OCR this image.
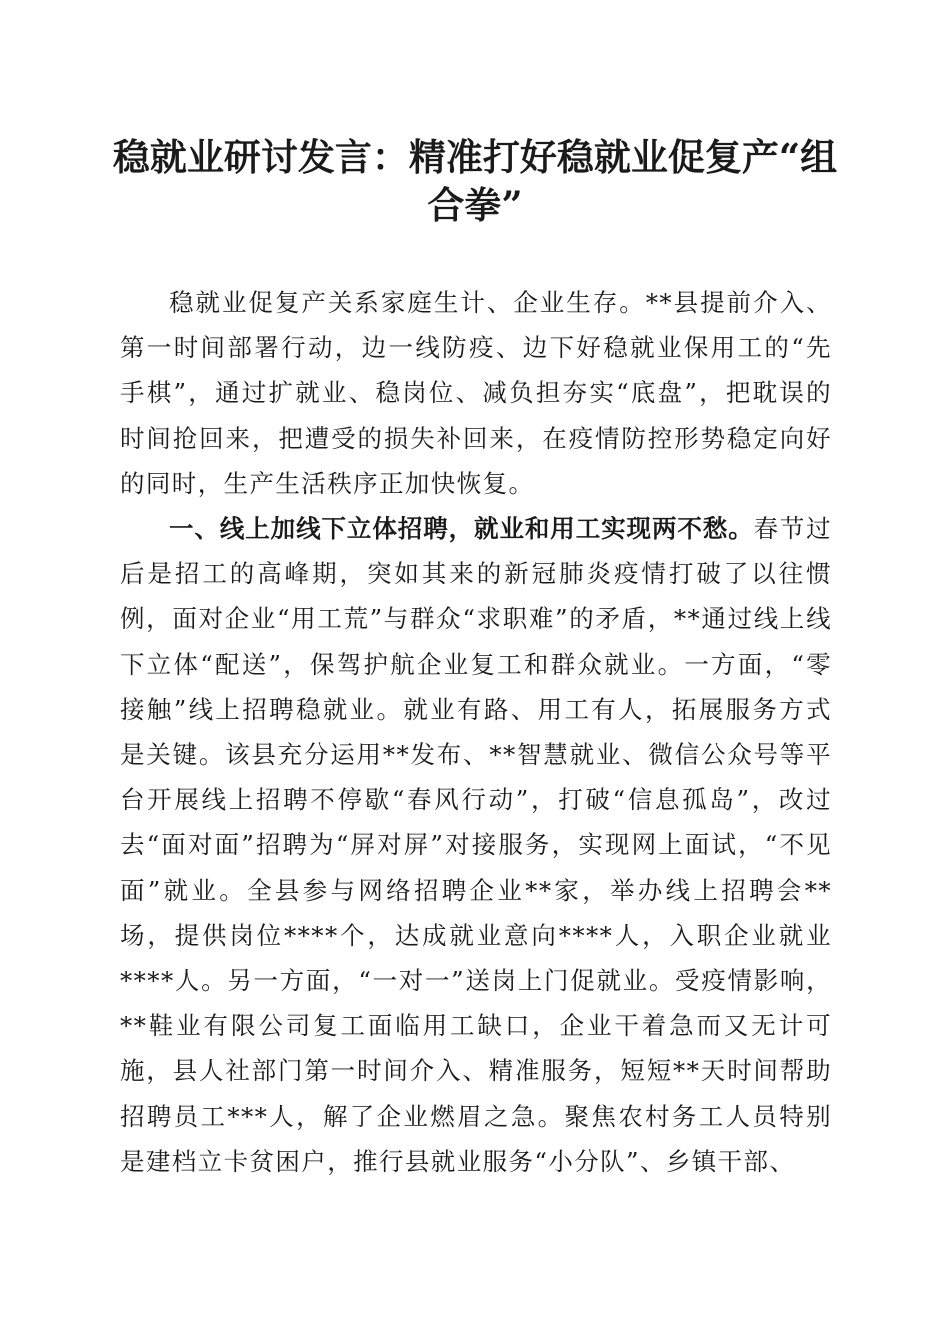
稳就业研讨发言：精准打好稳就业促复产“组合拳”

稳就业促复产关系家庭生计、企业生存。**县提前介入、第一时间部署行动，边一线防疫、边下好稳就业保用工的“先手棋”，通过扩就业、稳岗位、减负担夯实“底盘”，把耽误的时间抢回来，把遭受的损失补回来，在疫情防控形势稳定向好的同时，生产生活秩序正加快恢复。

一、线上加线下立体招聘，就业和用工实现两不愁。春节过后是招工的高峰期，突如其来的新冠肺炎疫情打破了以往惯例，面对企业“用工荒”与群众“求职难”的矛盾，**通过线上线下立体“配送”，保驾护航企业复工和群众就业。一方面，“零接触”线上招聘稳就业。就业有路、用工有人，拓展服务方式是关键。该县充分运用**发布、**智慧就业、微信公众号等平台开展线上招聘不停歇“春风行动”，打破“信息孤岛”，改过去“面对面”招聘为“屏对屏”对接服务，实现网上面试，“不见面”就业。全县参与网络招聘企业**家，举办线上招聘会**场，提供岗位****个，达成就业意向****人，入职企业就业****人。另一方面，“一对一”送岗上门促就业。受疫情影响，**鞋业有限公司复工面临用工缺口，企业干着急而又无计可施，县人社部门第一时间介入、精准服务，短短**天时间帮助招聘员工***人，解了企业燃眉之急。聚焦农村务工人员特别是建档立卡贫困户，推行县就业服务“小分队”、乡镇干部、
